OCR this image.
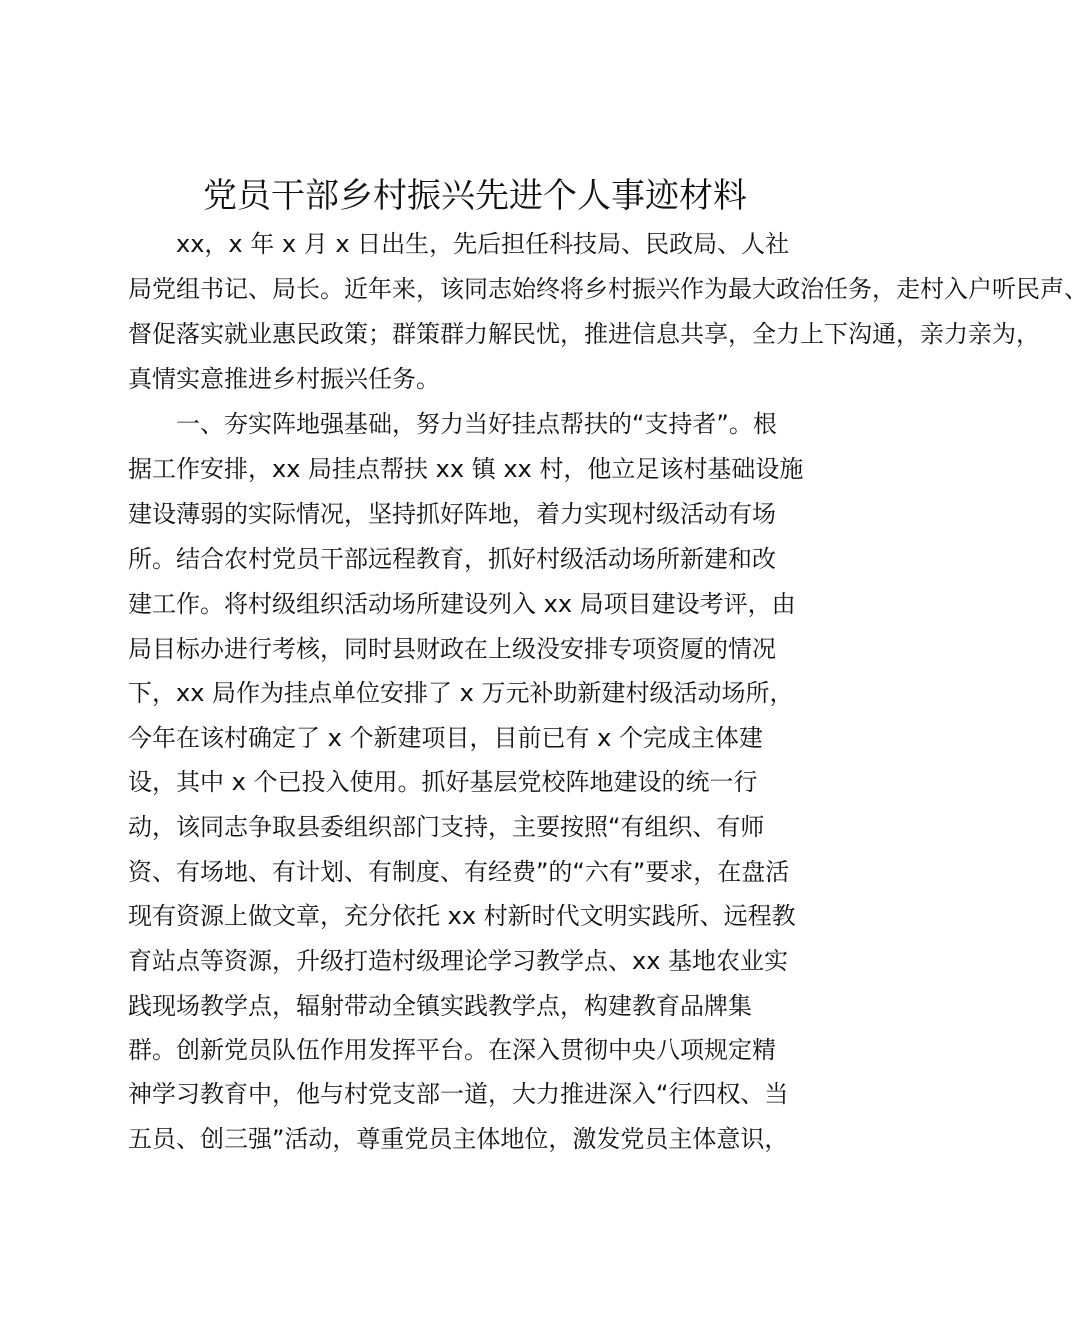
党员干部乡村振兴先进个人事迹材料

xx，x 年 x 月 x 日出生，先后担任科技局、民政局、人社

局党组书记、局长。近年来，该同志始终将乡村振兴作为最大政治任务，走村入户听民声、

督促落实就业惠民政策；群策群力解民忧，推进信息共享，全力上下沟通，亲力亲为，

真情实意推进乡村振兴任务。

一、夯实阵地强基础，努力当好挂点帮扶的“支持者”。根

据工作安排，xx 局挂点帮扶 xx 镇 xx 村，他立足该村基础设施

建设薄弱的实际情况，坚持抓好阵地，着力实现村级活动有场

所。结合农村党员干部远程教育，抓好村级活动场所新建和改

建工作。将村级组织活动场所建设列入 xx 局项目建设考评，由

局目标办进行考核，同时县财政在上级没安排专项资厦的情况

下，xx 局作为挂点单位安排了 x 万元补助新建村级活动场所，

今年在该村确定了 x 个新建项目，目前已有 x 个完成主体建

设，其中 x 个已投入使用。抓好基层党校阵地建设的统一行

动，该同志争取县委组织部门支持，主要按照“有组织、有师

资、有场地、有计划、有制度、有经费”的“六有”要求，在盘活

现有资源上做文章，充分依托 xx 村新时代文明实践所、远程教

育站点等资源，升级打造村级理论学习教学点、xx 基地农业实

践现场教学点，辐射带动全镇实践教学点，构建教育品牌集

群。创新党员队伍作用发挥平台。在深入贯彻中央八项规定精

神学习教育中，他与村党支部一道，大力推进深入“行四权、当

五员、创三强”活动，尊重党员主体地位，激发党员主体意识，
